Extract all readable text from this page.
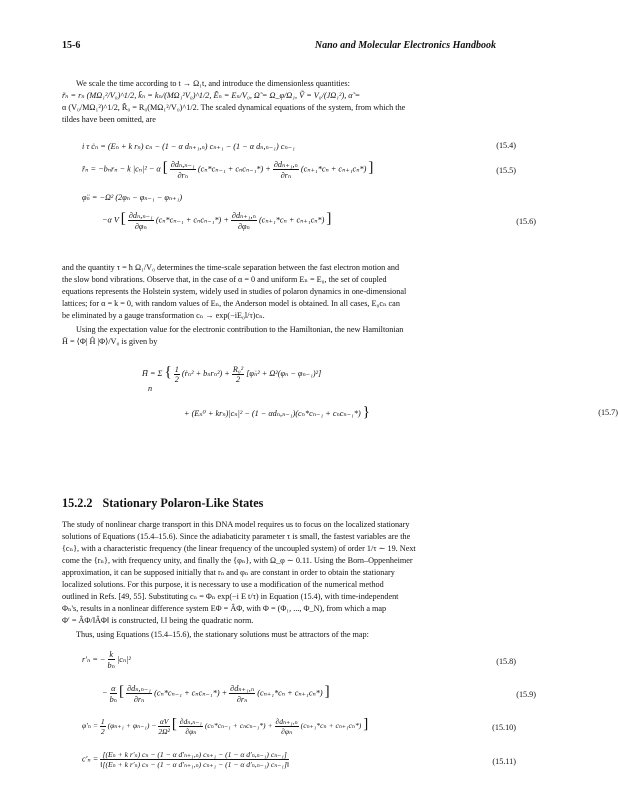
15-6	Nano and Molecular Electronics Handbook
We scale the time according to t → Ω₁t, and introduce the dimensionless quantities:
r̃ₙ = rₙ (MΩ₁²/V₀)^1/2, k̃ₙ = kₙ/(MΩ₁²V₀)^1/2, Ẽₙ = Eₙ/V₀, Ω̃ = Ω_φ/Ω₁, Ṽ = V₀/(JΩ₁²), α̃ =
α (V₀/MΩ₁²)^1/2, R̃₀ = R₀(MΩ₁²/V₀)^1/2. The scaled dynamical equations of the system, from which the
tildes have been omitted, are
i τ ċₙ = (Eₙ + k rₙ) cₙ − (1 − α dₙ₊₁,ₙ) cₙ₊₁ − (1 − α dₙ,ₙ₋₁) cₙ₋₁	(15.4)
r̈ₙ = −bₙrₙ − k |cₙ|² − α [ $\frac{\text{∂dₙ,ₙ₋₁}}{\text{∂rₙ}} (c_n*c_{n-1} + c_nc_{n-1}*) + \frac{\text{∂dₙ₊₁,ₙ}}{\text{∂rₙ}} (c_{n+1}*c_n + c_{n+1}c_n*)$ ]	(15.5)
φ̈ₙ = −Ω² (2φₙ − φₙ₋₁ − φₙ₊₁)
−α V [ $\frac{\text{∂dₙ,ₙ₋₁}}{\text{∂φₙ}} (c_n*c_{n-1} + c_nc_{n-1}*) + \frac{\text{∂dₙ₊₁,ₙ}}{\text{∂φₙ}} (c_{n+1}*c_n + c_{n+1}c_n*)$ ]	(15.6)
and the quantity τ = ħ Ω₁/V₀ determines the time-scale separation between the fast electron motion and
the slow bond vibrations. Observe that, in the case of α = 0 and uniform Eₙ = E₀, the set of coupled
equations represents the Holstein system, widely used in studies of polaron dynamics in one-dimensional
lattices; for α = k = 0, with random values of Eₙ, the Anderson model is obtained. In all cases, E₀cₙ can
be eliminated by a gauge transformation cₙ → exp(−iE₀l/τ)cₙ.
Using the expectation value for the electronic contribution to the Hamiltonian, the new Hamiltonian
H̄ = ⟨Φ| Ĥ |Φ⟩/V₀ is given by
H̄ = Σ { $\frac{1}{2}$ (ṙₙ² + $b_nr_n^2) + \frac{\text{R₀²}}{2}$ [φ̇ₙ² + Ω²(φₙ − φₙ₋₁)²]
n
+ (Eₙ⁰ + krₙ)|cₙ|² − (1 − αdₙ,ₙ₋₁)(cₙ*cₙ₋₁ + cₙcₙ₋₁*) }	(15.7)
15.2.2 Stationary Polaron-Like States
The study of nonlinear charge transport in this DNA model requires us to focus on the localized stationary
solutions of Equations (15.4–15.6). Since the adiabaticity parameter τ is small, the fastest variables are the
{cₙ}, with a characteristic frequency (the linear frequency of the uncoupled system) of order 1/τ ∼ 19. Next
come the {rₙ}, with frequency unity, and finally the {φₙ}, with Ω_φ ∼ 0.11. Using the Born–Oppenheimer
approximation, it can be supposed initially that rₙ and φₙ are constant in order to obtain the stationary
localized solutions. For this purpose, it is necessary to use a modification of the numerical method
outlined in Refs. [49, 55]. Substituting cₙ = Φₙ exp(−i E t/τ) in Equation (15.4), with time-independent
Φₙ's, results in a nonlinear difference system EΦ = ÂΦ, with Φ = (Φ₁, ..., Φ_N), from which a map
Φ′ = ÂΦ/‖ÂΦ‖ is constructed, ‖.‖ being the quadratic norm.
Thus, using Equations (15.4–15.6), the stationary solutions must be attractors of the map:
r′ₙ = − $\frac{k}{\text{bₙ}} |c_n|^2$	(15.8)
− $\frac{\alpha}{\text{bₙ}}$ [ $\frac{\text{∂dₙ,ₙ₋₁}}{\text{∂rₙ}} (c_n*c_{n-1} + c_nc_{n-1}*) + \frac{\text{∂dₙ₊₁,ₙ}}{\text{∂rₙ}} (c_{n+1}*c_n + c_{n+1}c_n*)$ ]	(15.9)
$\varphi'_n = \frac{1}{2} (\varphi_{n+1} + \varphi_{n-1}) - \frac{\alpha V}{\text{2Ω²}}$ [ $\frac{\text{∂dₙ,ₙ₋₁}}{\text{∂φₙ}} (c_n*c_{n-1} + c_nc_{n-1}*) + \frac{\text{∂dₙ₊₁,ₙ}}{\text{∂φₙ}} (c_{n+1}*c_n + c_{n+1}c_n*)$ ]	(15.10)
c′ₙ = [(Eₙ + k r′ₙ) cₙ − (1 − α d′ₙ₊₁,ₙ) cₙ₊₁ − (1 − α d′ₙ,ₙ₋₁) cₙ₋₁]
‖[(Eₙ + k r′ₙ) cₙ − (1 − α d′ₙ₊₁,ₙ) cₙ₊₁ − (1 − α d′ₙ,ₙ₋₁) cₙ₋₁]‖	(15.11)
